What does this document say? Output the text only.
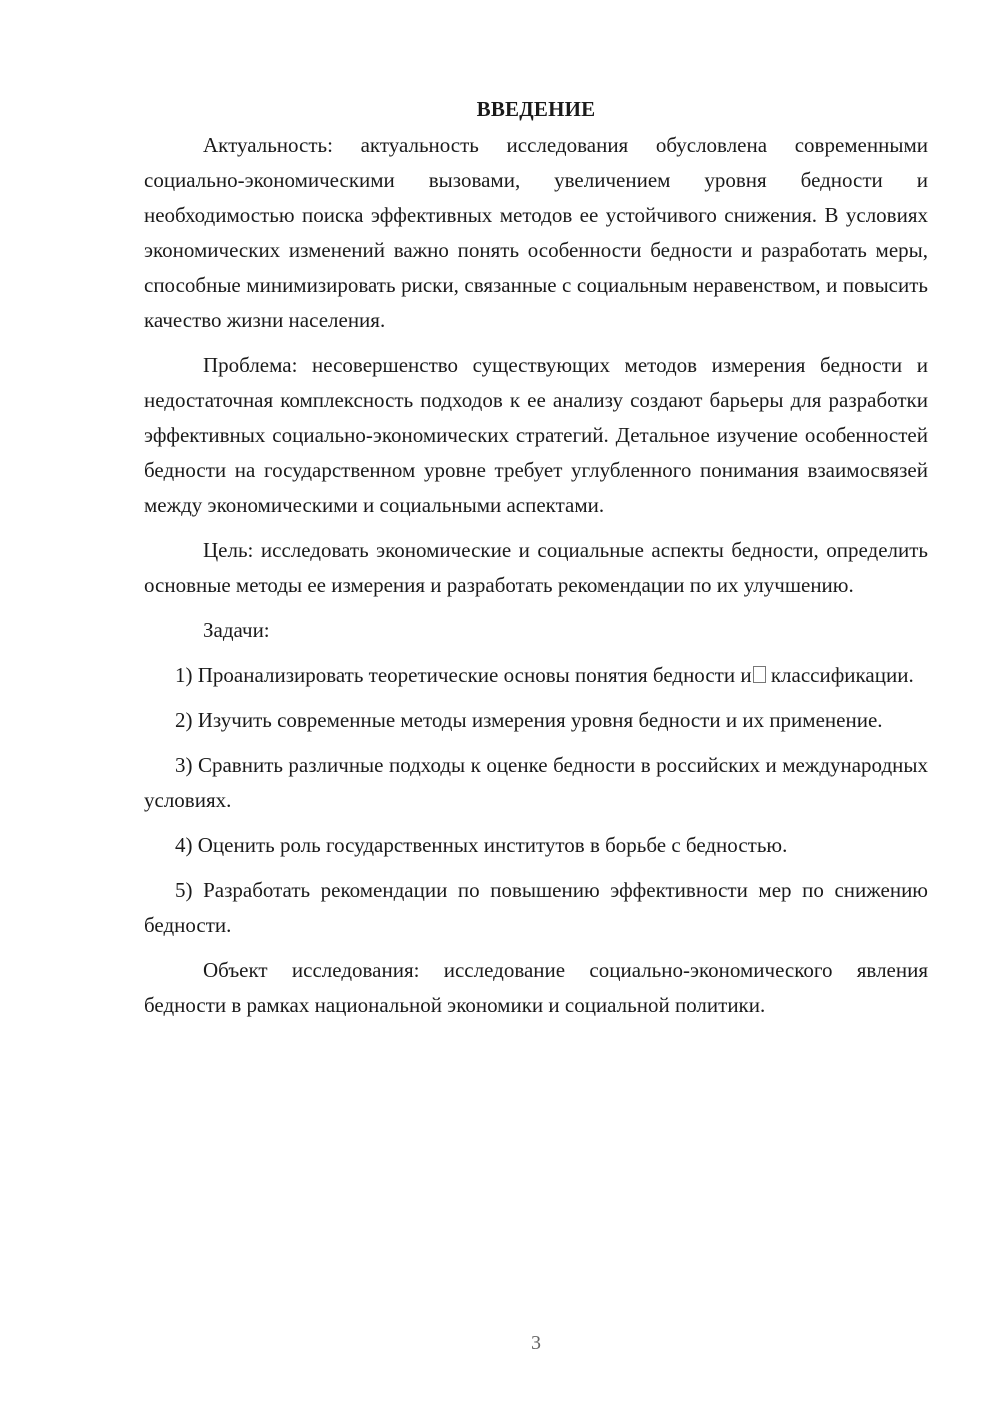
ВВЕДЕНИЕ

Актуальность: актуальность исследования обусловлена современными социально-экономическими вызовами, увеличением уровня бедности и необходимостью поиска эффективных методов ее устойчивого снижения. В условиях экономических изменений важно понять особенности бедности и разработать меры, способные минимизировать риски, связанные с социальным неравенством, и повысить качество жизни населения.

Проблема: несовершенство существующих методов измерения бедности и недостаточная комплексность подходов к ее анализу создают барьеры для разработки эффективных социально-экономических стратегий. Детальное изучение особенностей бедности на государственном уровне требует углубленного понимания взаимосвязей между экономическими и социальными аспектами.

Цель: исследовать экономические и социальные аспекты бедности, определить основные методы ее измерения и разработать рекомендации по их улучшению.

Задачи:

1) Проанализировать теоретические основы понятия бедности и классификации.

2) Изучить современные методы измерения уровня бедности и их применение.

3) Сравнить различные подходы к оценке бедности в российских и международных условиях.

4) Оценить роль государственных институтов в борьбе с бедностью.

5) Разработать рекомендации по повышению эффективности мер по снижению бедности.

Объект исследования: исследование социально-экономического явления бедности в рамках национальной экономики и социальной политики.

3
